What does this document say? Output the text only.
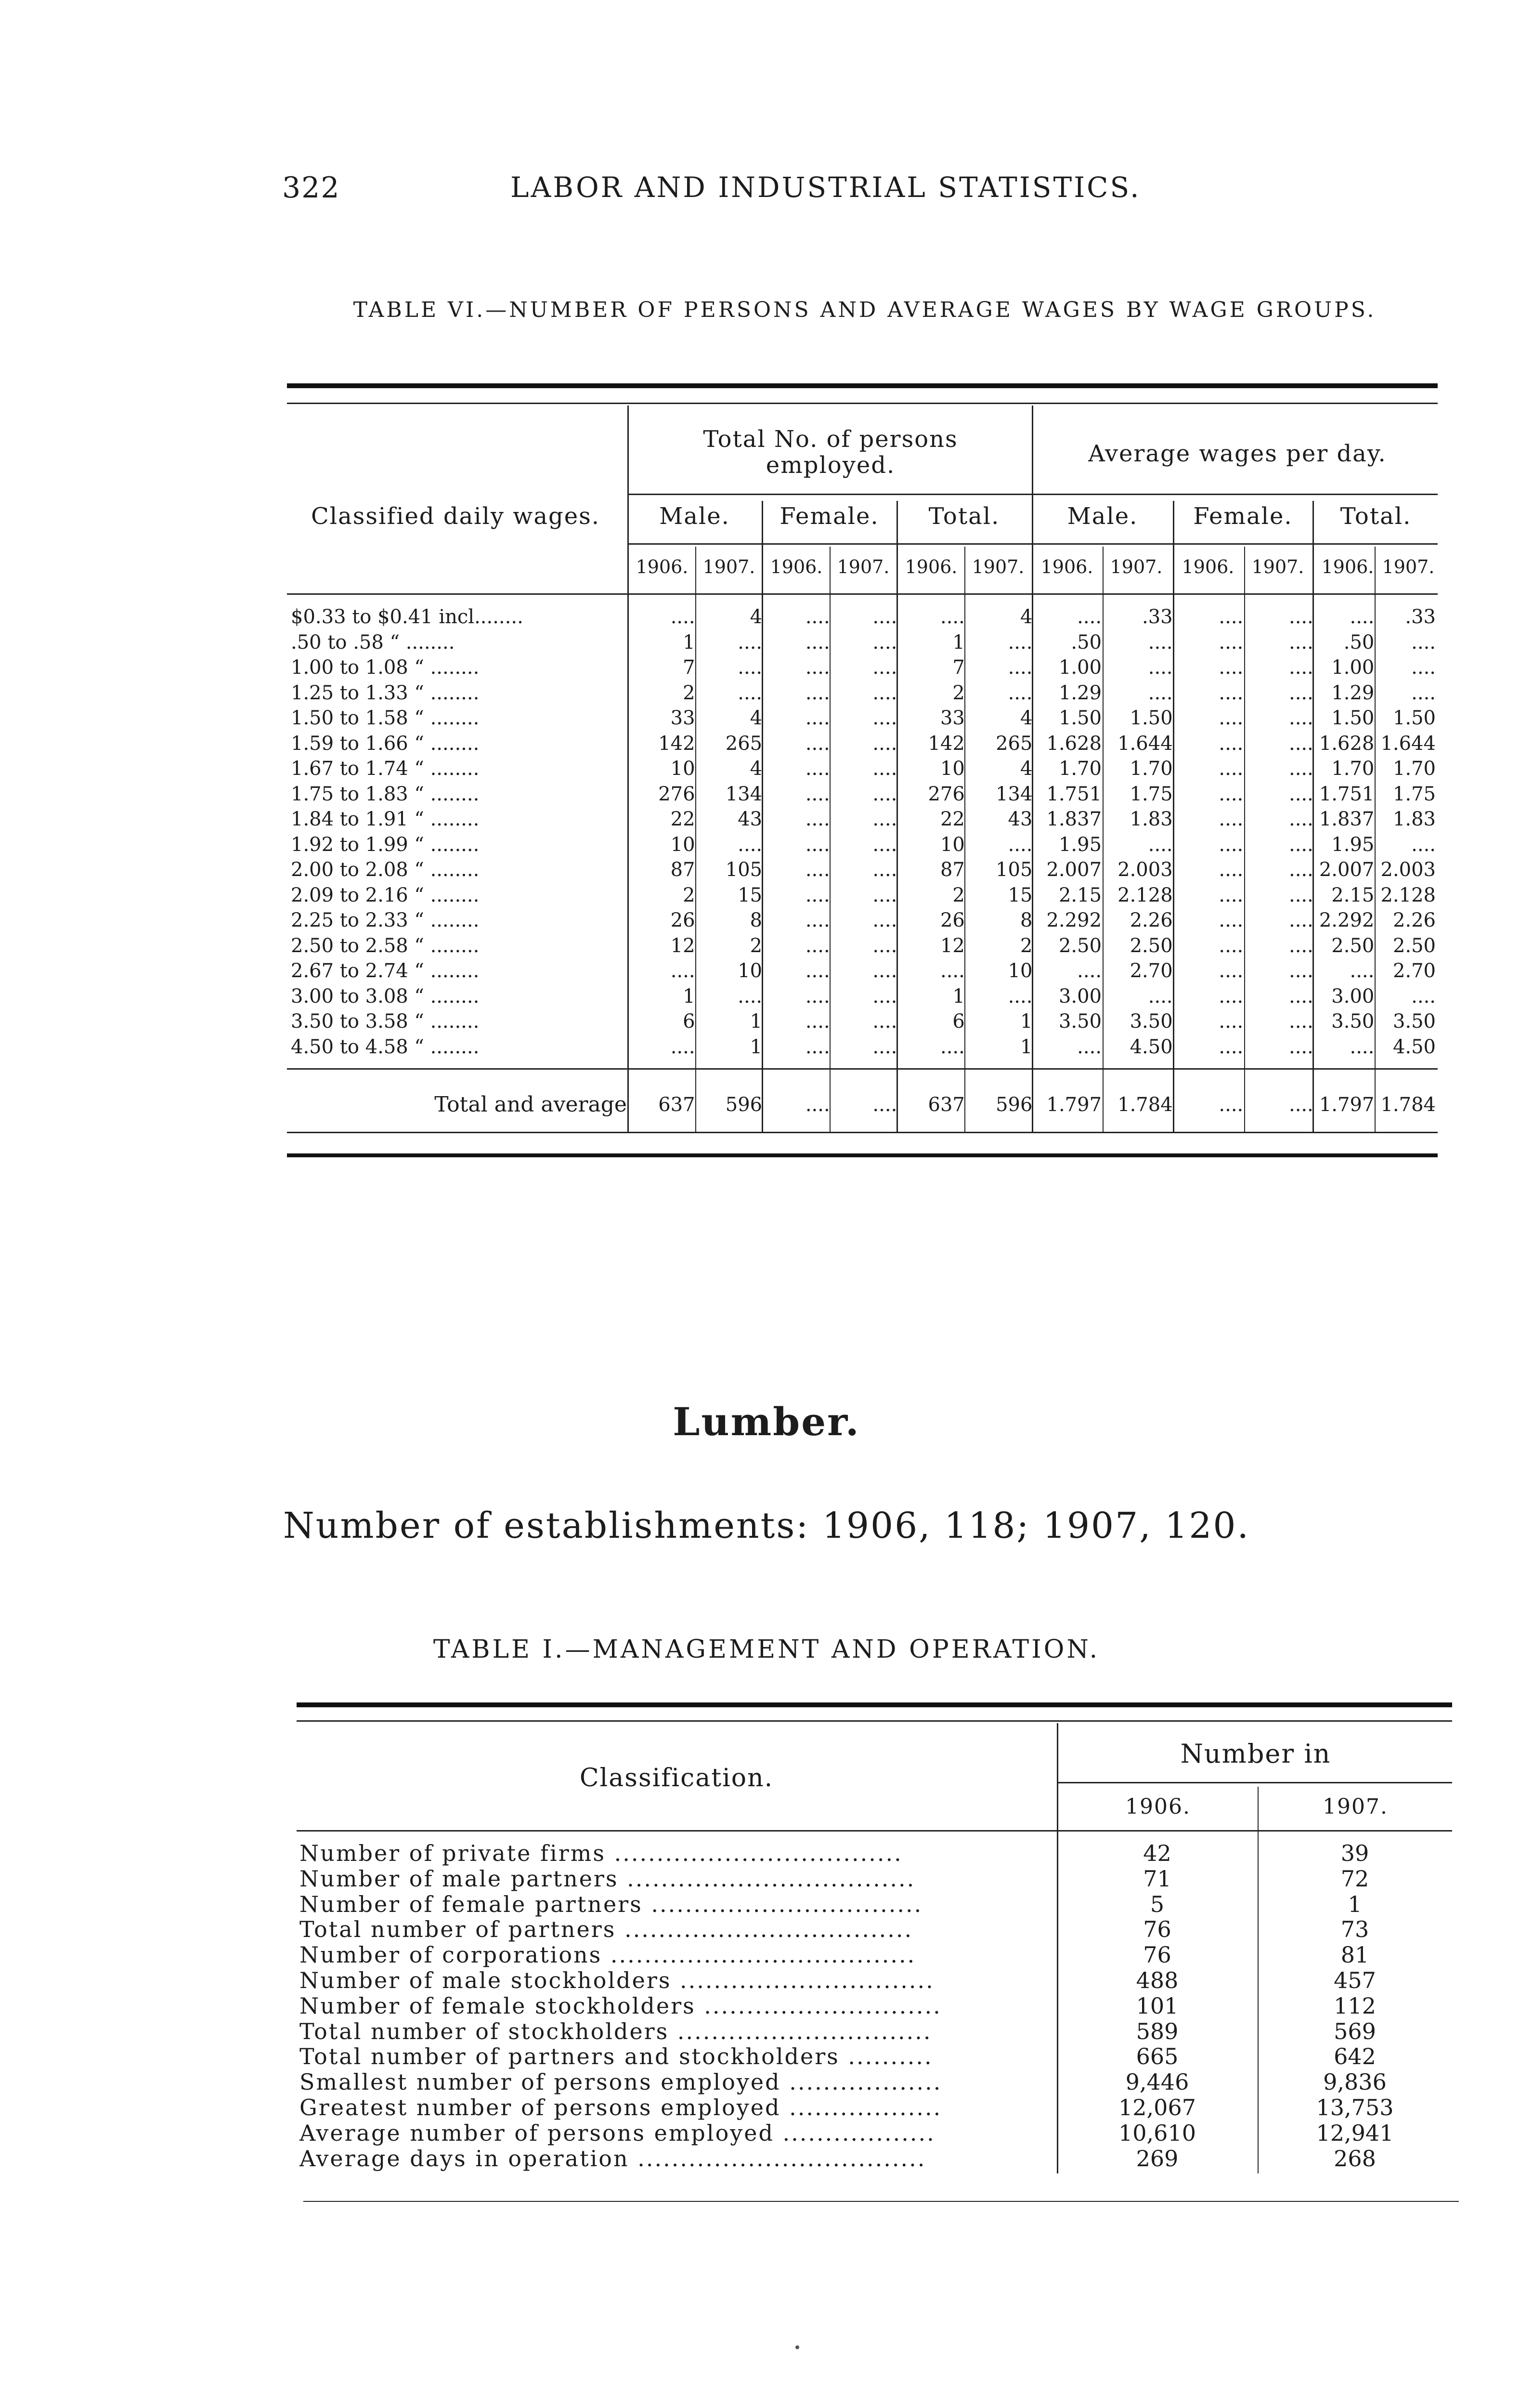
322	LABOR AND INDUSTRIAL STATISTICS.
TABLE VI.—NUMBER OF PERSONS AND AVERAGE WAGES BY WAGE GROUPS.
Classified daily wages.
Total No. of persons employed.	Average wages per day.
Male.	Female.	Total.	Male.	Female.	Total.
1906. 1907. 1906. 1907. 1906. 1907. 1906. 1907.	1906. 1907. 1906. 1907.
$0.33 to $0.41 incl........	....	4	....	....	....	4	....	.33	....	....	....	.33
.50 to .58 “ ........	1	....	....	....	1	....	.50	....	....	....	.50	....
1.00 to 1.08 “ ........	7	....	....	....	7	....	1.00	....	....	....	1.00	....
1.25 to 1.33 “ ........	2	....	....	....	2	....	1.29	....	....	....	1.29	....
1.50 to 1.58 “ ........	33	4	....	....	33	4	1.50	1.50	....	....	1.50	1.50
1.59 to 1.66 “ ........	142	265	....	....	142	265	1.628	1.644	....	....	1.628	1.644
1.67 to 1.74 “ ........	10	4	....	....	10	4	1.70	1.70	....	....	1.70	1.70
1.75 to 1.83 “ ........	276	134	....	....	276	134	1.751	1.75	....	....	1.751	1.75
1.84 to 1.91 “ ........	22	43	....	....	22	43	1.837	1.83	....	....	1.837	1.83
1.92 to 1.99 “ ........	10	....	....	....	10	....	1.95	....	....	....	1.95	....
2.00 to 2.08 “ ........	87	105	....	....	87	105	2.007	2.003	....	....	2.007	2.003
2.09 to 2.16 “ ........	2	15	....	....	2	15	2.15	2.128	....	....	2.15	2.128
2.25 to 2.33 “ ........	26	8	....	....	26	8	2.292	2.26	....	....	2.292	2.26
2.50 to 2.58 “ ........	12	2	....	....	12	2	2.50	2.50	....	....	2.50	2.50
2.67 to 2.74 “ ........	....	10	....	....	....	10	....	2.70	....	....	....	2.70
3.00 to 3.08 “ ........	1	....	....	....	1	....	3.00	....	....	....	3.00	....
3.50 to 3.58 “ ........	6	1	....	....	6	1	3.50	3.50	....	....	3.50	3.50
4.50 to 4.58 “ ........	....	1	....	....	....	1	....	4.50	....	....	....	4.50
Total and average	637	596	....	....	637	596	1.797	1.784	....	....	1.797	1.784
Lumber.
Number of establishments: 1906, 118; 1907, 120.
TABLE I.—MANAGEMENT AND OPERATION.
Classification.
Number in
1906.	1907.
Number of private firms ..................................	42	39
Number of male partners ..................................	71	72
Number of female partners ................................	5	1
Total number of partners ..................................	76	73
Number of corporations ....................................	76	81
Number of male stockholders ..............................	488	457
Number of female stockholders ............................	101	112
Total number of stockholders ..............................	589	569
Total number of partners and stockholders ..........	665	642
Smallest number of persons employed ..................	9,446	9,836
Greatest number of persons employed ..................	12,067	13,753
Average number of persons employed ..................	10,610	12,941
Average days in operation ..................................	269	268
